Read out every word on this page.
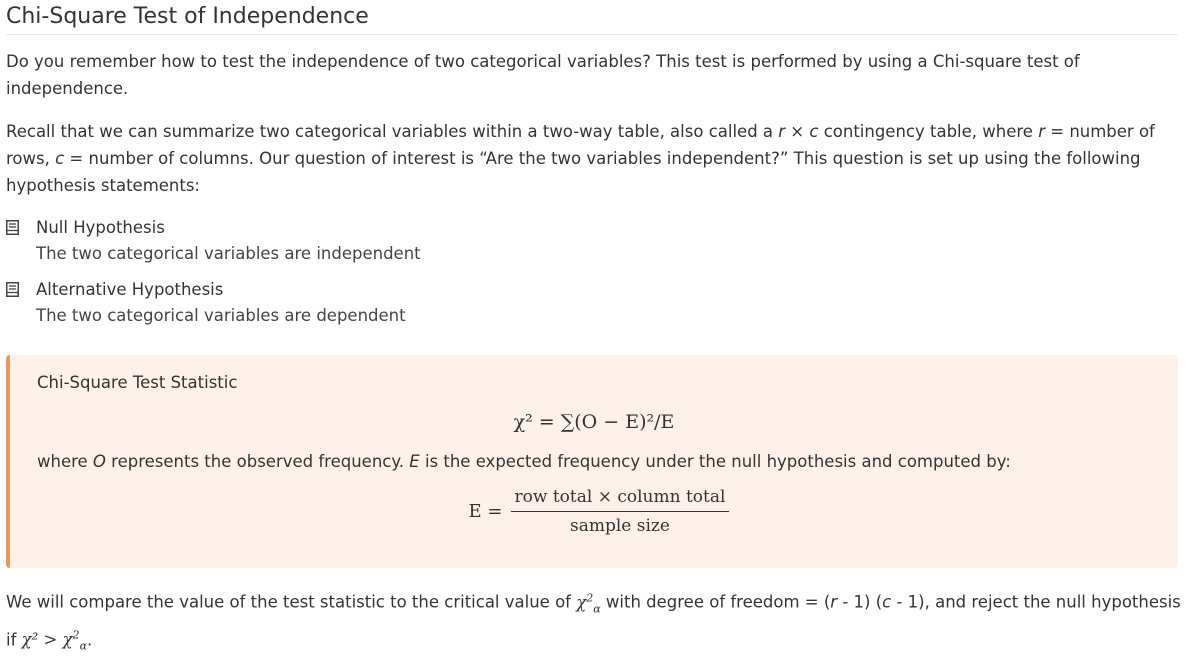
Chi-Square Test of Independence

Do you remember how to test the independence of two categorical variables? This test is performed by using a Chi-square test of independence.

Recall that we can summarize two categorical variables within a two-way table, also called a r × c contingency table, where r = number of rows, c = number of columns. Our question of interest is “Are the two variables independent?” This question is set up using the following hypothesis statements:

Null Hypothesis
The two categorical variables are independent
Alternative Hypothesis
The two categorical variables are dependent
Chi-Square Test Statistic
χ² = ∑(O − E)²/E
where O represents the observed frequency. E is the expected frequency under the null hypothesis and computed by:
$E = \frac{\text{row total × column total}}{\text{sample size}}$

We will compare the value of the test statistic to the critical value of $\chi^2_\alpha$ with degree of freedom = (r - 1) (c - 1), and reject the null hypothesis if $\chi^2 > \chi^2_\alpha$.
